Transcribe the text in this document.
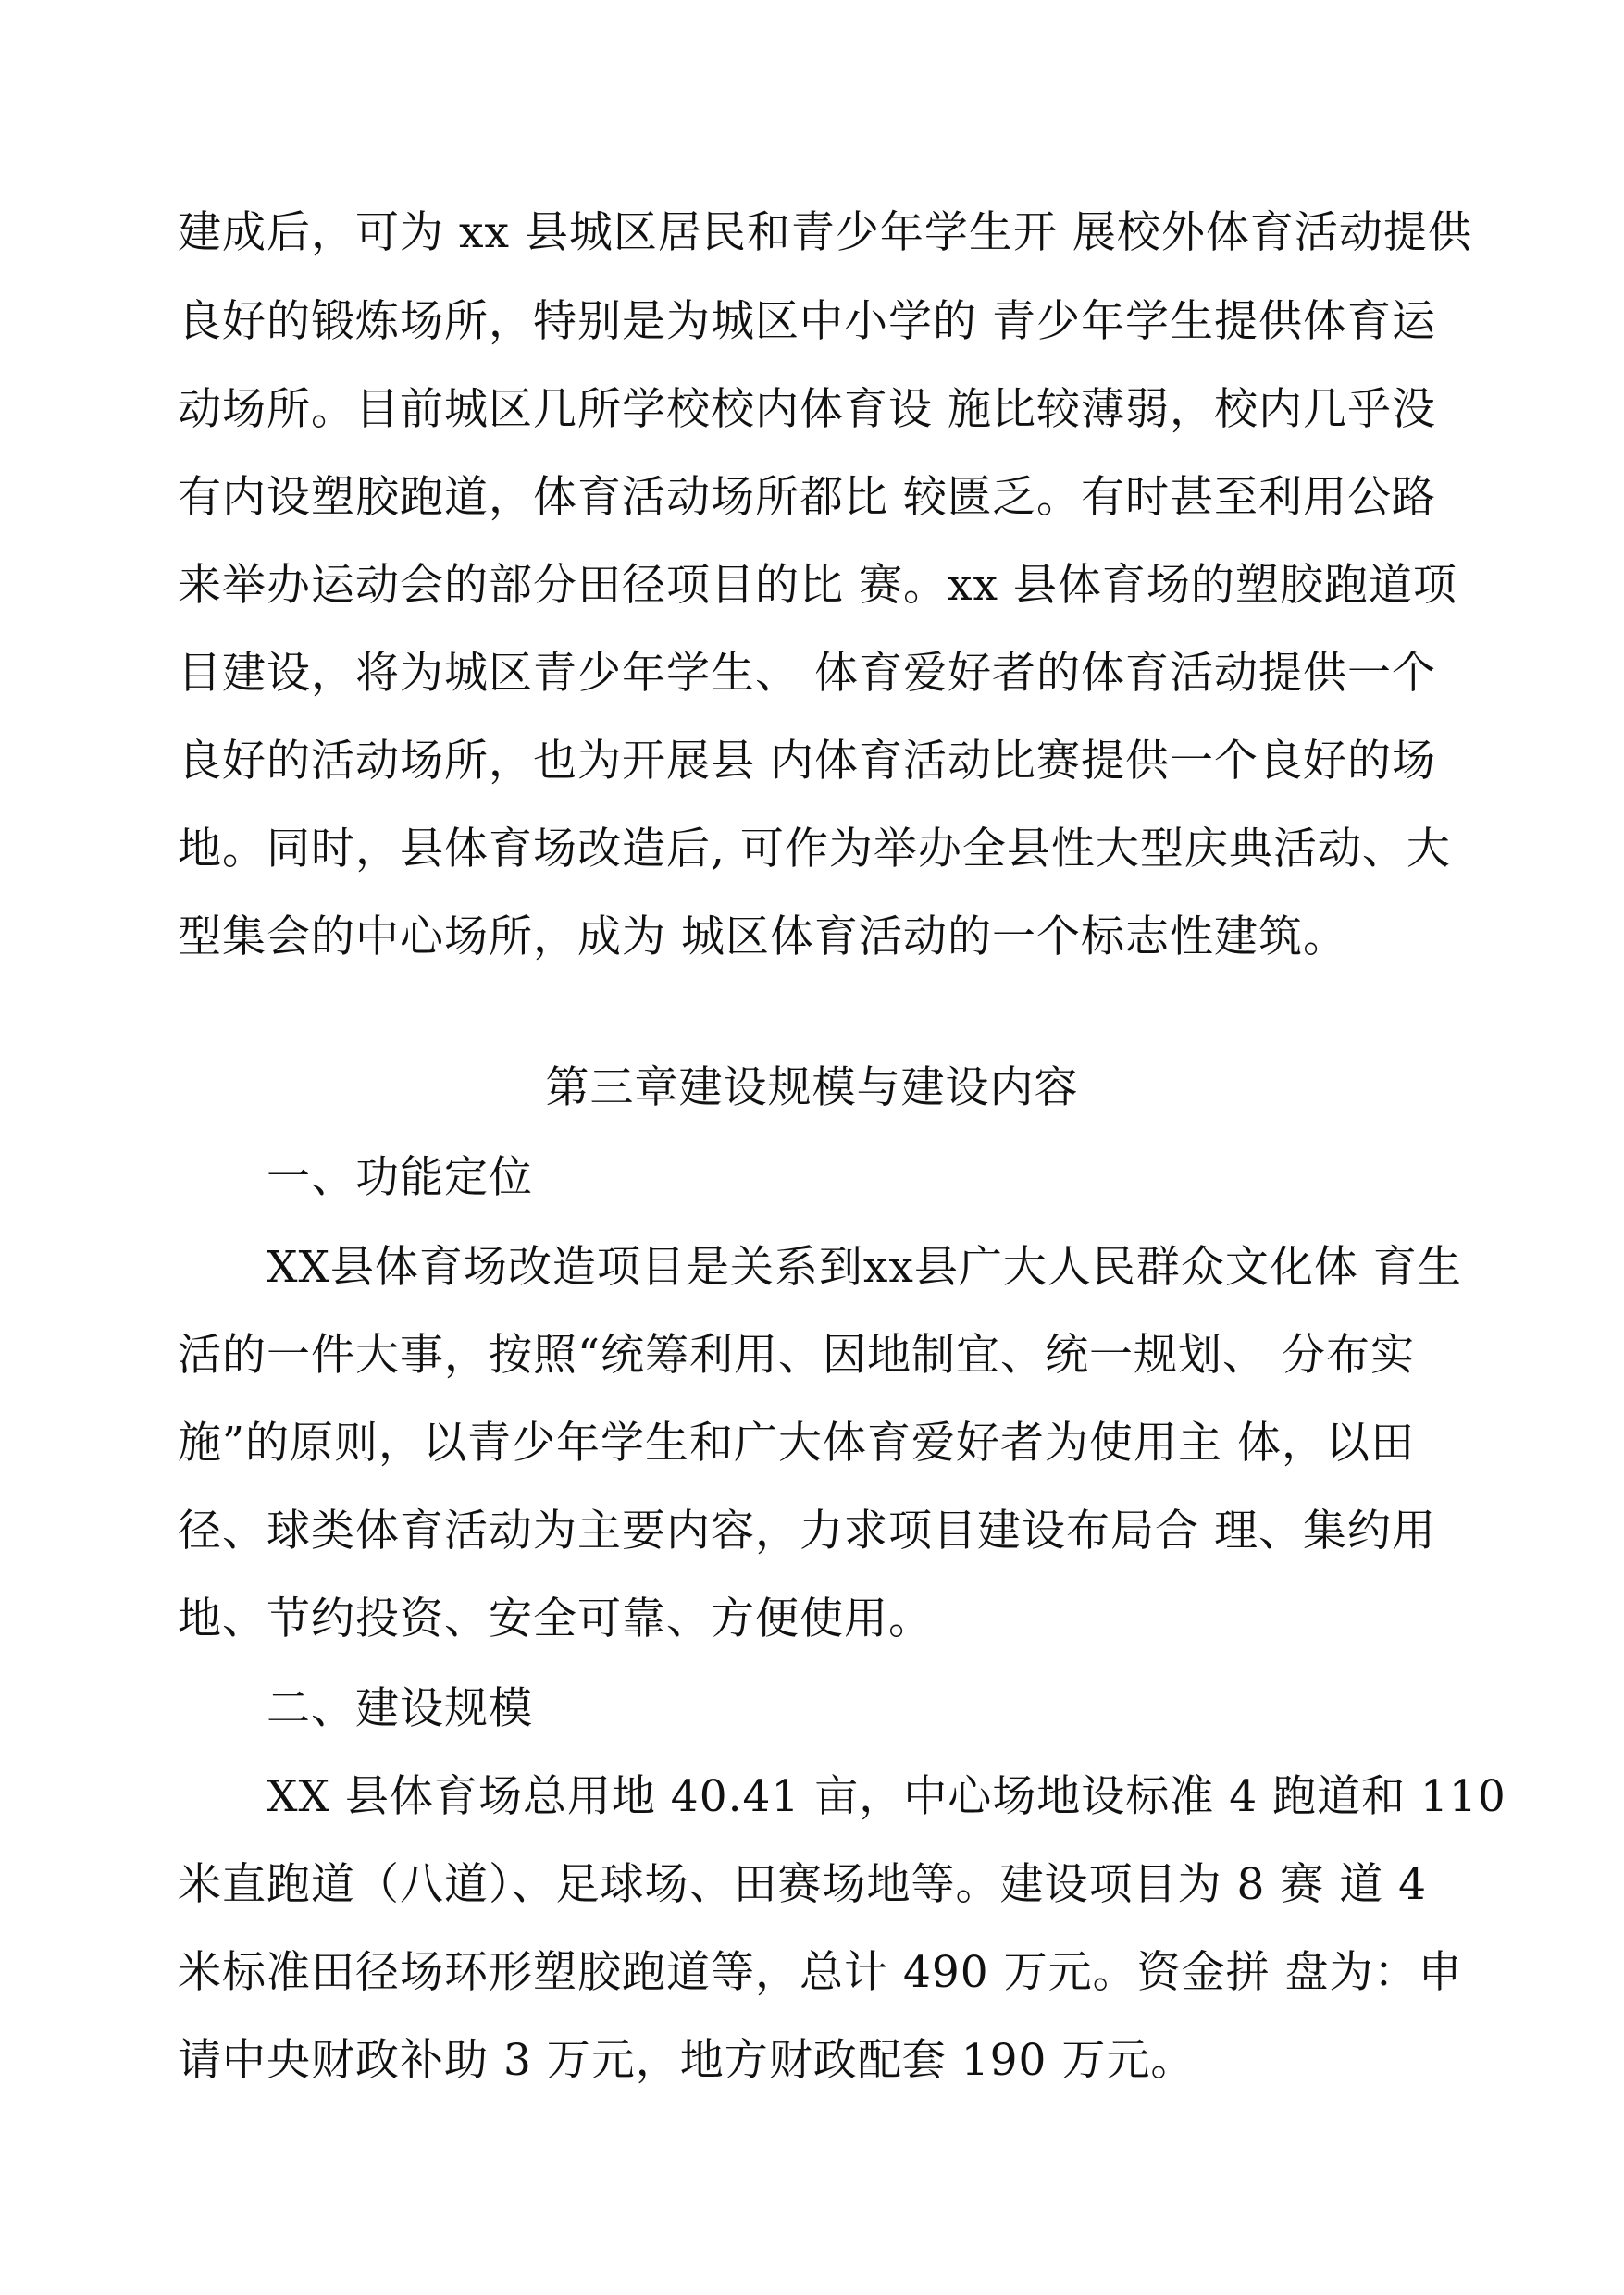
建成后，可为 xx 县城区居民和青少年学生开 展校外体育活动提供
良好的锻炼场所，特别是为城区中小学的 青少年学生提供体育运
动场所。目前城区几所学校校内体育设 施比较薄弱，校内几乎没
有内设塑胶跑道，体育活动场所都比 较匮乏。有时甚至利用公路
来举办运动会的部分田径项目的比 赛。xx 县体育场的塑胶跑道项
目建设，将为城区青少年学生、 体育爱好者的体育活动提供一个
良好的活动场所，也为开展县 内体育活动比赛提供一个良好的场
地。同时，县体育场改造后, 可作为举办全县性大型庆典活动、大
型集会的中心场所，成为 城区体育活动的一个标志性建筑。
第三章建设规模与建设内容
一、功能定位
XX县体育场改造项目是关系到xx县广大人民群众文化体 育生
活的一件大事，按照“统筹利用、因地制宜、统一规划、 分布实
施”的原则，以青少年学生和广大体育爱好者为使用主 体，以田
径、球类体育活动为主要内容，力求项目建设布局合 理、集约用
地、节约投资、安全可靠、方便使用。
二、建设规模
XX 县体育场总用地 40.41 亩，中心场地设标准 4 跑道和 110
米直跑道（八道）、足球场、田赛场地等。建设项目为 8 赛 道 4
米标准田径场环形塑胶跑道等，总计 490 万元。资金拼 盘为：申
请中央财政补助 3 万元，地方财政配套 190 万元。
